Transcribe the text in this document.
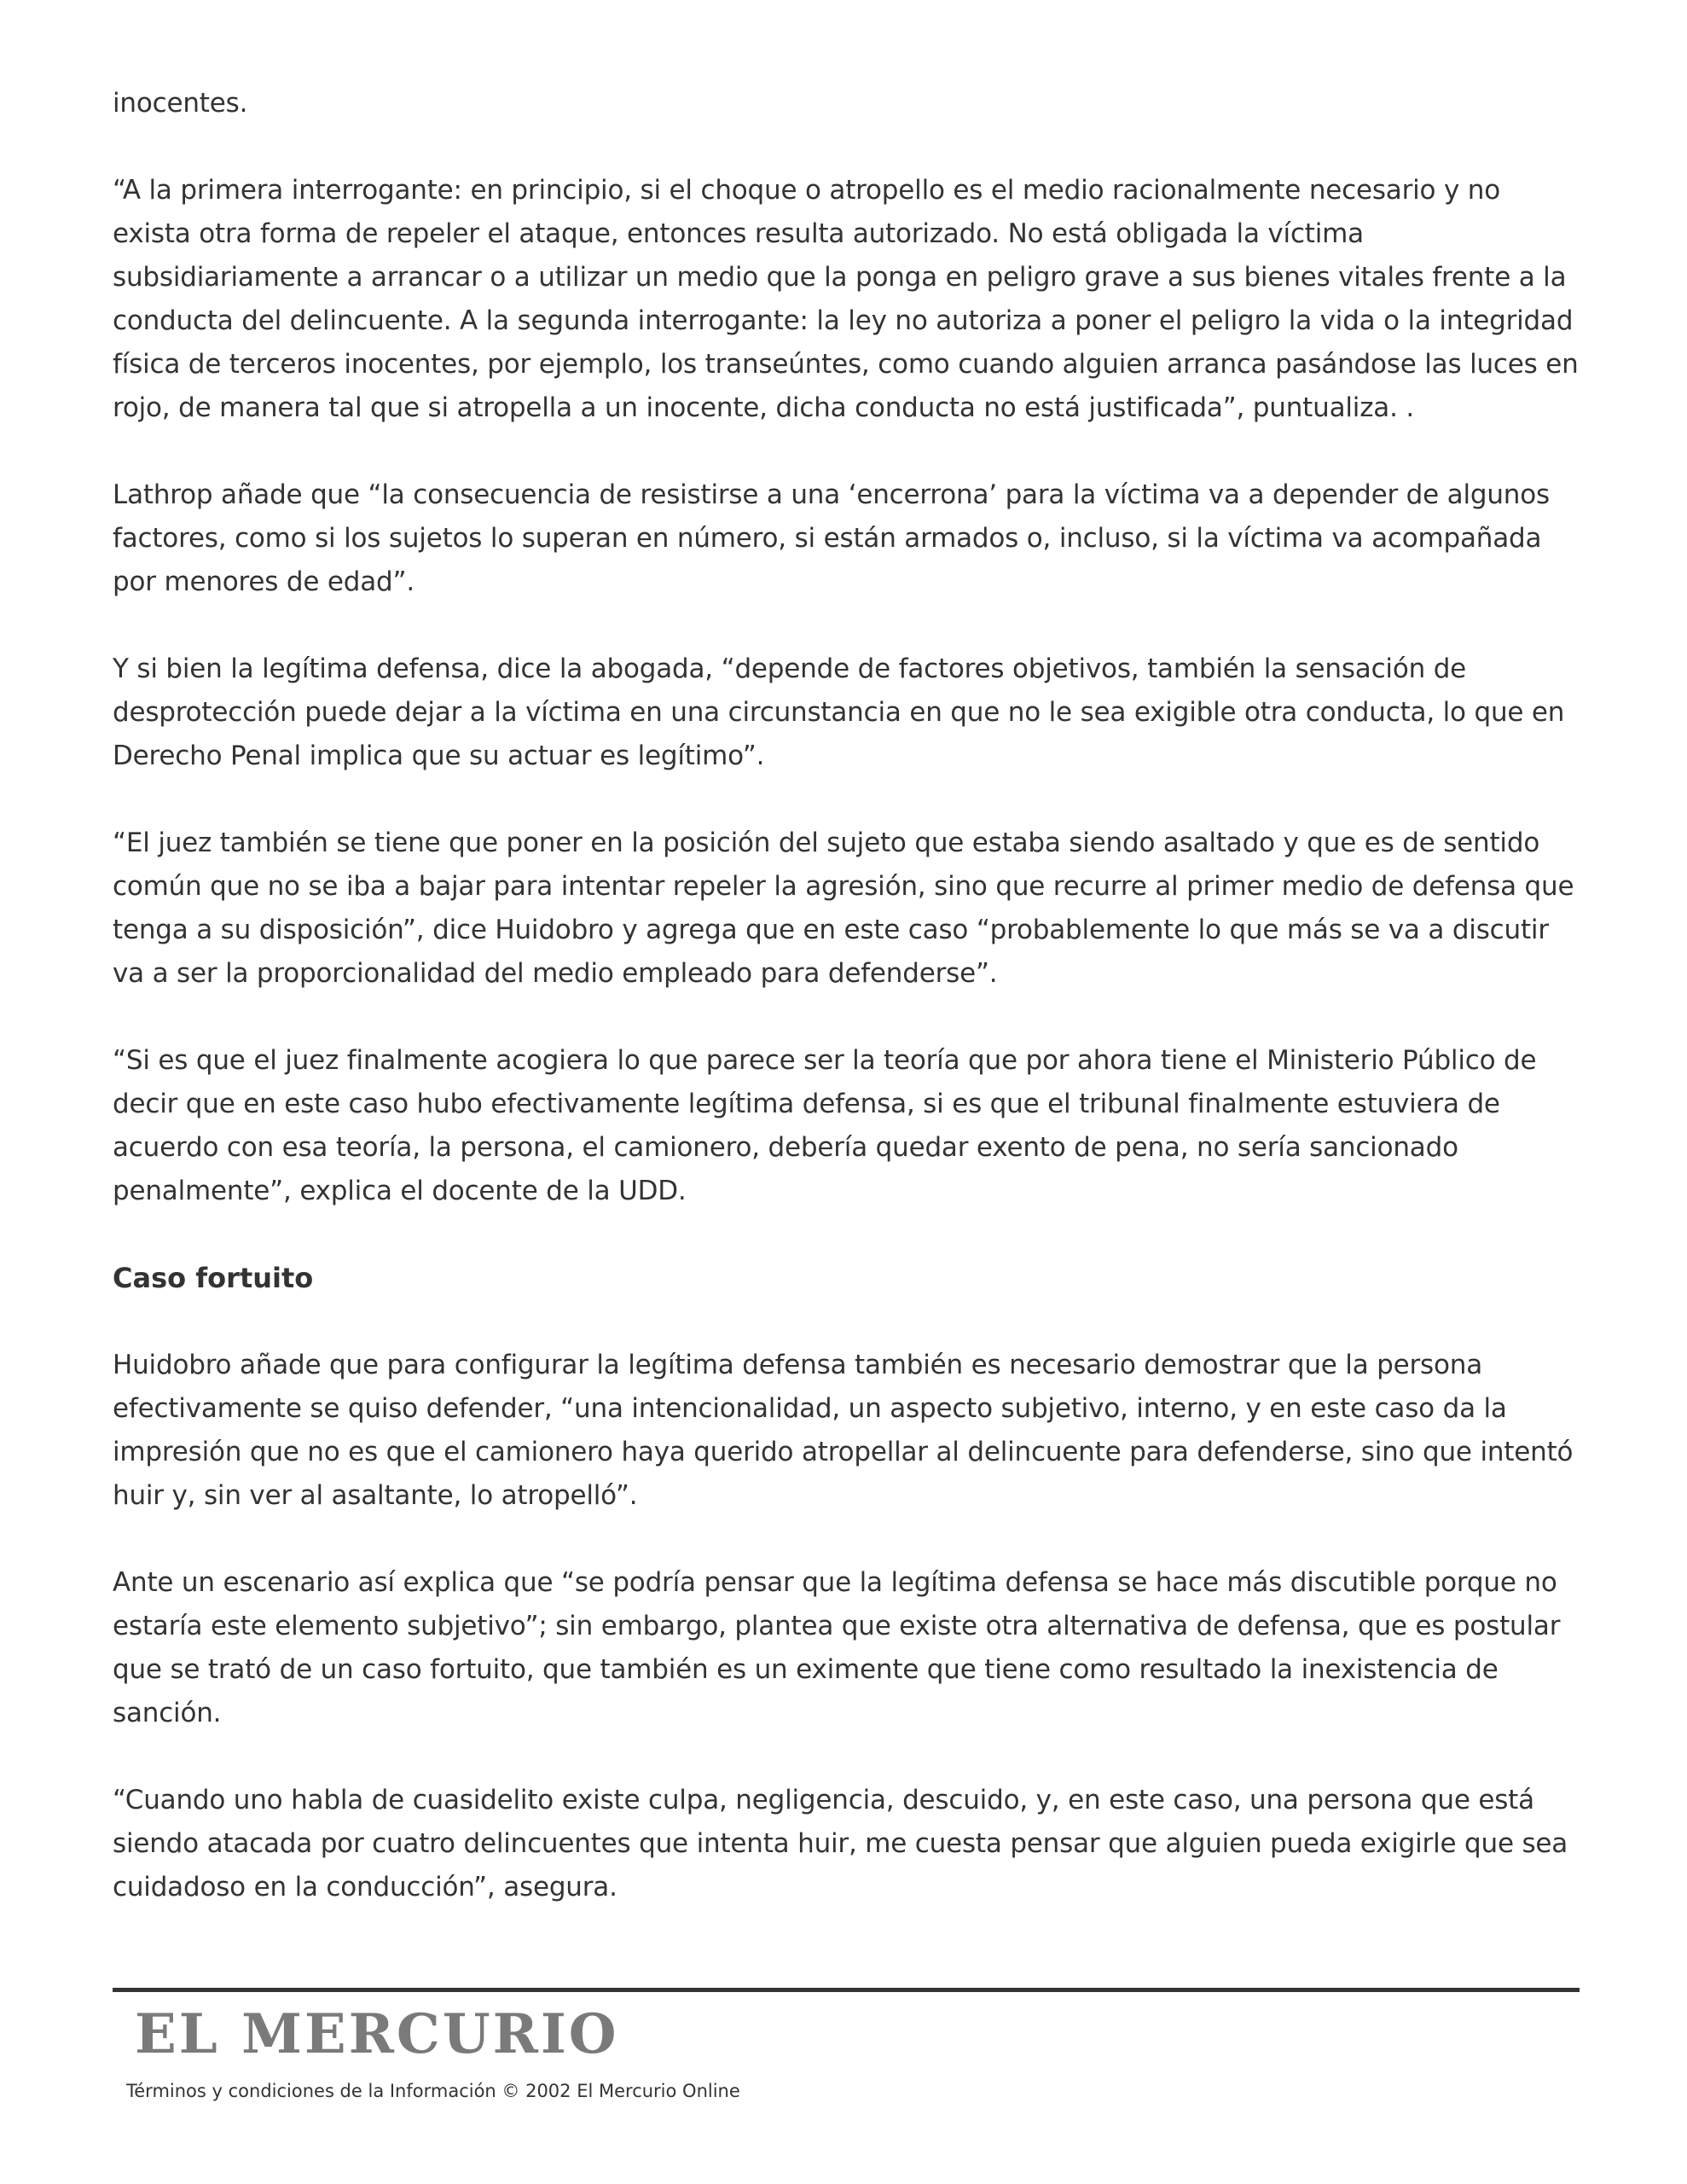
inocentes.

“A la primera interrogante: en principio, si el choque o atropello es el medio racionalmente necesario y no exista otra forma de repeler el ataque, entonces resulta autorizado. No está obligada la víctima subsidiariamente a arrancar o a utilizar un medio que la ponga en peligro grave a sus bienes vitales frente a la conducta del delincuente. A la segunda interrogante: la ley no autoriza a poner el peligro la vida o la integridad física de terceros inocentes, por ejemplo, los transeúntes, como cuando alguien arranca pasándose las luces en rojo, de manera tal que si atropella a un inocente, dicha conducta no está justificada”, puntualiza. .

Lathrop añade que “la consecuencia de resistirse a una ‘encerrona’ para la víctima va a depender de algunos factores, como si los sujetos lo superan en número, si están armados o, incluso, si la víctima va acompañada por menores de edad”.

Y si bien la legítima defensa, dice la abogada, “depende de factores objetivos, también la sensación de desprotección puede dejar a la víctima en una circunstancia en que no le sea exigible otra conducta, lo que en Derecho Penal implica que su actuar es legítimo”.

“El juez también se tiene que poner en la posición del sujeto que estaba siendo asaltado y que es de sentido común que no se iba a bajar para intentar repeler la agresión, sino que recurre al primer medio de defensa que tenga a su disposición”, dice Huidobro y agrega que en este caso “probablemente lo que más se va a discutir va a ser la proporcionalidad del medio empleado para defenderse”.

“Si es que el juez finalmente acogiera lo que parece ser la teoría que por ahora tiene el Ministerio Público de decir que en este caso hubo efectivamente legítima defensa, si es que el tribunal finalmente estuviera de acuerdo con esa teoría, la persona, el camionero, debería quedar exento de pena, no sería sancionado penalmente”, explica el docente de la UDD.

Caso fortuito

Huidobro añade que para configurar la legítima defensa también es necesario demostrar que la persona efectivamente se quiso defender, “una intencionalidad, un aspecto subjetivo, interno, y en este caso da la impresión que no es que el camionero haya querido atropellar al delincuente para defenderse, sino que intentó huir y, sin ver al asaltante, lo atropelló”.

Ante un escenario así explica que “se podría pensar que la legítima defensa se hace más discutible porque no estaría este elemento subjetivo”; sin embargo, plantea que existe otra alternativa de defensa, que es postular que se trató de un caso fortuito, que también es un eximente que tiene como resultado la inexistencia de sanción.

“Cuando uno habla de cuasidelito existe culpa, negligencia, descuido, y, en este caso, una persona que está siendo atacada por cuatro delincuentes que intenta huir, me cuesta pensar que alguien pueda exigirle que sea cuidadoso en la conducción”, asegura.

EL MERCURIO
Términos y condiciones de la Información © 2002 El Mercurio Online
